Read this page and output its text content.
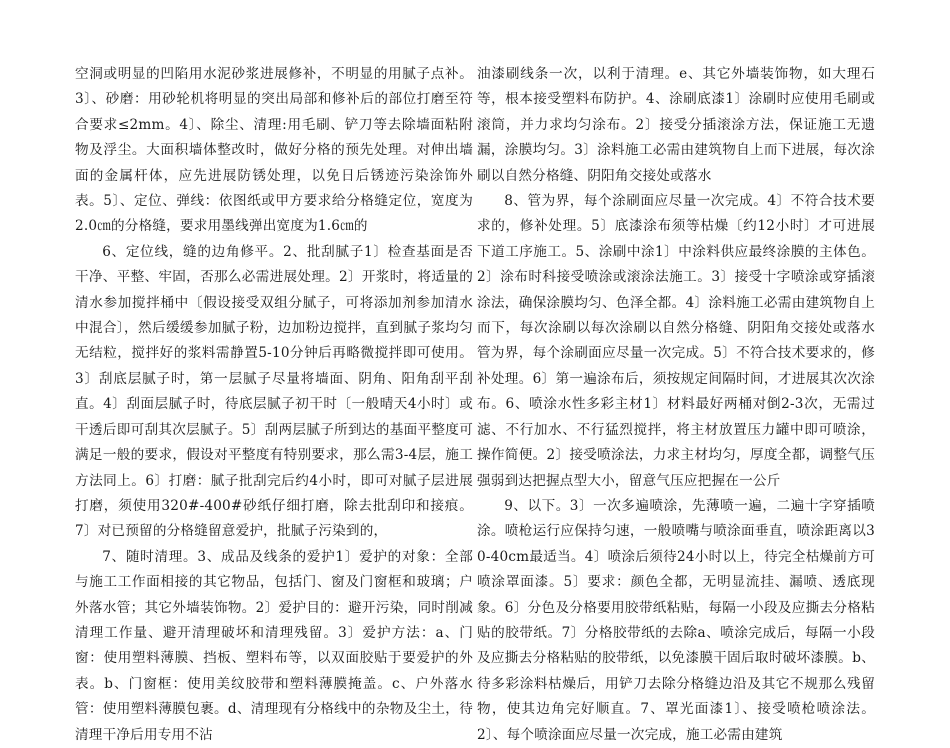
空洞或明显的凹陷用水泥砂浆进展修补，不明显的用腻子点补。3〕、砂磨：用砂轮机将明显的突出局部和修补后的部位打磨至符合要求≤2mm。4〕、除尘、清理:用毛刷、铲刀等去除墙面粘附物及浮尘。大面积墙体整改时，做好分格的预先处理。对伸出墙面的金属杆体，应先进展防锈处理，以免日后锈迹污染涂饰外表。5〕、定位、弹线：依图纸或甲方要求给分格缝定位，宽度为2.0㎝的分格缝，要求用墨线弹出宽度为1.6㎝的

6、定位线，缝的边角修平。2、批刮腻子1〕检查基面是否干净、平整、牢固，否那么必需进展处理。2〕开浆时，将适量的清水参加搅拌桶中〔假设接受双组分腻子，可将添加剂参加清水中混合〕，然后缓缓参加腻子粉，边加粉边搅拌，直到腻子浆均匀无结粒，搅拌好的浆料需静置5-10分钟后再略微搅拌即可使用。3〕刮底层腻子时，第一层腻子尽量将墙面、阴角、阳角刮平刮直。4〕刮面层腻子时，待底层腻子初干时〔一般晴天4小时〕或干透后即可刮其次层腻子。5〕刮两层腻子所到达的基面平整度可满足一般的要求，假设对平整度有特别要求，那么需3-4层，施工方法同上。6〕打磨：腻子批刮完后约4小时，即可对腻子层进展打磨，须使用320#-400#砂纸仔细打磨，除去批刮印和接痕。7〕对已预留的分格缝留意爱护，批腻子污染到的，

7、随时清理。3、成品及线条的爱护1〕爱护的对象：全部与施工工作面相接的其它物品，包括门、窗及门窗框和玻璃；户外落水管；其它外墙装饰物。2〕爱护目的：避开污染，同时削减清理工作量、避开清理破坏和清理残留。3〕爱护方法：a、门窗：使用塑料薄膜、挡板、塑料布等，以双面胶贴于要爱护的外表。b、门窗框：使用美纹胶带和塑料薄膜掩盖。c、户外落水管：使用塑料薄膜包裹。d、清理现有分格线中的杂物及尘土，待清理干净后用专用不沾

油漆刷线条一次，以利于清理。e、其它外墙装饰物，如大理石等，根本接受塑料布防护。4、涂刷底漆1〕涂刷时应使用毛刷或滚筒，并力求均匀涂布。2〕接受分插滚涂方法，保证施工无遗漏，涂膜均匀。3〕涂料施工必需由建筑物自上而下进展，每次涂刷以自然分格缝、阴阳角交接处或落水

8、管为界，每个涂刷面应尽量一次完成。4〕不符合技术要求的，修补处理。5〕底漆涂布须等枯燥〔约12小时〕才可进展下道工序施工。5、涂刷中涂1〕中涂料供应最终涂膜的主体色。2〕涂布时科接受喷涂或滚涂法施工。3〕接受十字喷涂或穿插滚涂法，确保涂膜均匀、色泽全都。4〕涂料施工必需由建筑物自上而下，每次涂刷以每次涂刷以自然分格缝、阴阳角交接处或落水管为界，每个涂刷面应尽量一次完成。5〕不符合技术要求的，修补处理。6〕第一遍涂布后，须按规定间隔时间，才进展其次次涂布。6、喷涂水性多彩主材1〕材料最好两桶对倒2-3次，无需过滤、不行加水、不行猛烈搅拌，将主材放置压力罐中即可喷涂，操作简便。2〕接受喷涂法，力求主材均匀，厚度全都，调整气压强弱到达把握点型大小，留意气压应把握在一公斤

9、以下。3〕一次多遍喷涂，先薄喷一遍，二遍十字穿插喷涂。喷枪运行应保持匀速，一般喷嘴与喷涂面垂直，喷涂距离以30-40cm最适当。4〕喷涂后须待24小时以上，待完全枯燥前方可喷涂罩面漆。5〕要求：颜色全都，无明显流挂、漏喷、透底现象。6〕分色及分格要用胶带纸粘贴，每隔一小段及应撕去分格粘贴的胶带纸。7〕分格胶带纸的去除a、喷涂完成后，每隔一小段及应撕去分格粘贴的胶带纸，以免漆膜干固后取时破坏漆膜。b、待多彩涂料枯燥后，用铲刀去除分格缝边沿及其它不规那么残留物，使其边角完好顺直。7、罩光面漆1〕、接受喷枪喷涂法。2〕、每个喷涂面应尽量一次完成，施工必需由建筑
